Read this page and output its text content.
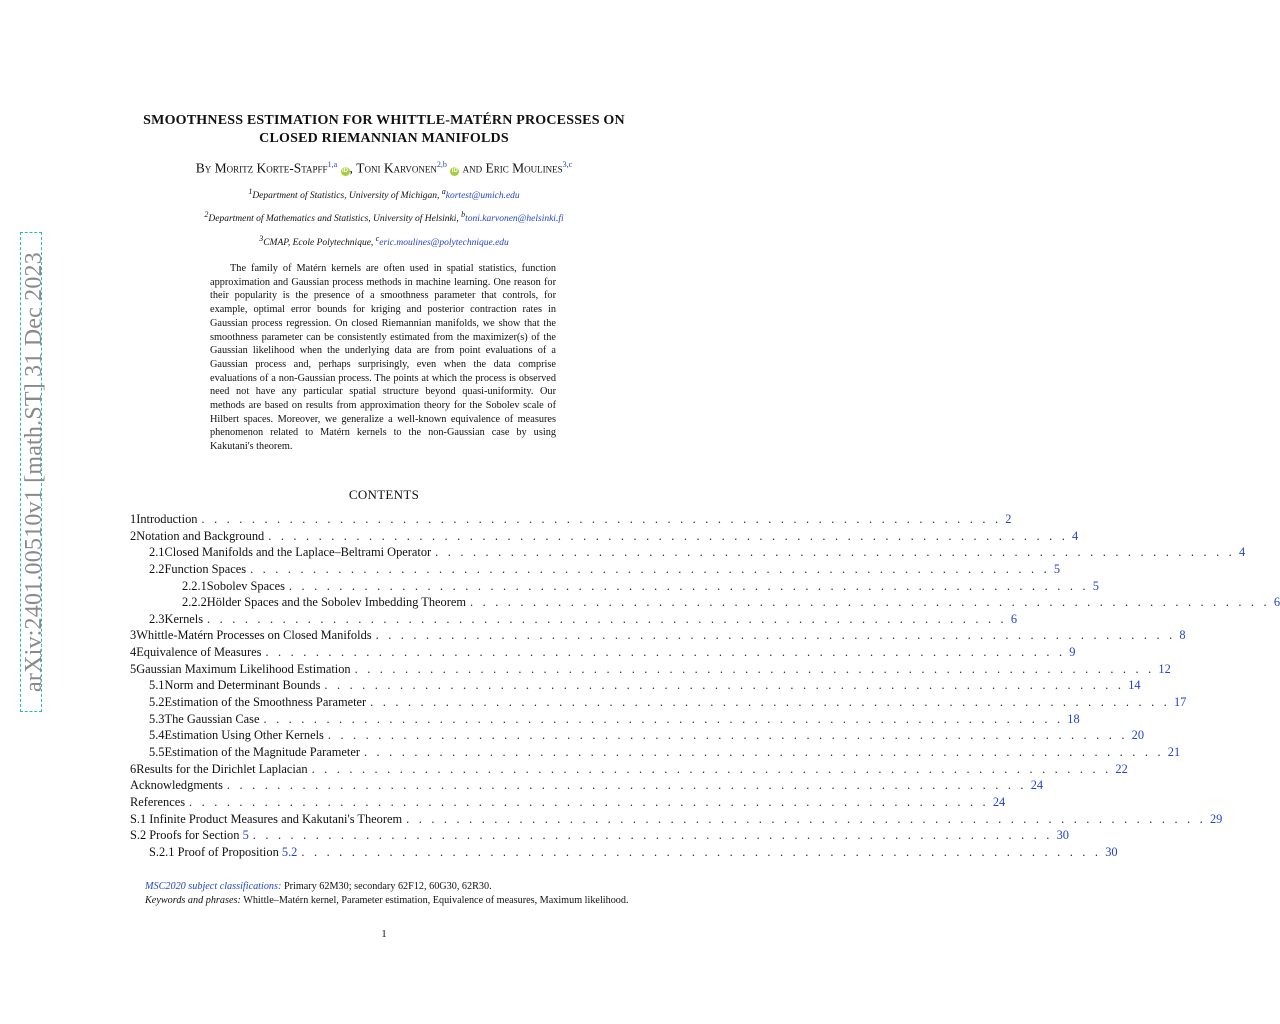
arXiv:2401.00510v1 [math.ST] 31 Dec 2023
SMOOTHNESS ESTIMATION FOR WHITTLE-MATÉRN PROCESSES ON
CLOSED RIEMANNIAN MANIFOLDS
By Moritz Korte-Stapff$^{1,a}$ iD , Toni Karvonen$^{2,b}$ iD and Eric Moulines$^{3,c}$
$^1$Department of Statistics, University of Michigan, $^a$kortest@umich.edu
$^2$Department of Mathematics and Statistics, University of Helsinki, $^b$toni.karvonen@helsinki.fi
$^3$CMAP, Ecole Polytechnique, $^c$eric.moulines@polytechnique.edu
The family of Matérn kernels are often used in spatial statistics, function approximation and Gaussian process methods in machine learning. One reason for their popularity is the presence of a smoothness parameter that controls, for example, optimal error bounds for kriging and posterior contraction rates in Gaussian process regression. On closed Riemannian manifolds, we show that the smoothness parameter can be consistently estimated from the maximizer(s) of the Gaussian likelihood when the underlying data are from point evaluations of a Gaussian process and, perhaps surprisingly, even when the data comprise evaluations of a non-Gaussian process. The points at which the process is observed need not have any particular spatial structure beyond quasi-uniformity. Our methods are based on results from approximation theory for the Sobolev scale of Hilbert spaces. Moreover, we generalize a well-known equivalence of measures phenomenon related to Matérn kernels to the non-Gaussian case by using Kakutani's theorem.
CONTENTS
1 Introduction . . . . . . . . . . . . . . . . . . . . . . . . . . . . . . . . . . . . . . . . . . . . . . . . . . . . . . . . . . . . . . . . 2
2 Notation and Background . . . . . . . . . . . . . . . . . . . . . . . . . . . . . . . . . . . . . . . . . . . . . . . . . . . . . . . . . . . . . . . . 4
2.1 Closed Manifolds and the Laplace–Beltrami Operator . . . . . . . . . . . . . . . . . . . . . . . . . . . . . . . . . . . . . . . . . . . . . . . . . . . . . . . . . . . . . . . . 4
2.2 Function Spaces . . . . . . . . . . . . . . . . . . . . . . . . . . . . . . . . . . . . . . . . . . . . . . . . . . . . . . . . . . . . . . . . 5
2.2.1 Sobolev Spaces . . . . . . . . . . . . . . . . . . . . . . . . . . . . . . . . . . . . . . . . . . . . . . . . . . . . . . . . . . . . . . . . 5
2.2.2 Hölder Spaces and the Sobolev Imbedding Theorem . . . . . . . . . . . . . . . . . . . . . . . . . . . . . . . . . . . . . . . . . . . . . . . . . . . . . . . . . . . . . . . . 6
2.3 Kernels . . . . . . . . . . . . . . . . . . . . . . . . . . . . . . . . . . . . . . . . . . . . . . . . . . . . . . . . . . . . . . . . 6
3 Whittle-Matérn Processes on Closed Manifolds . . . . . . . . . . . . . . . . . . . . . . . . . . . . . . . . . . . . . . . . . . . . . . . . . . . . . . . . . . . . . . . . 8
4 Equivalence of Measures . . . . . . . . . . . . . . . . . . . . . . . . . . . . . . . . . . . . . . . . . . . . . . . . . . . . . . . . . . . . . . . . 9
5 Gaussian Maximum Likelihood Estimation . . . . . . . . . . . . . . . . . . . . . . . . . . . . . . . . . . . . . . . . . . . . . . . . . . . . . . . . . . . . . . . . 12
5.1 Norm and Determinant Bounds . . . . . . . . . . . . . . . . . . . . . . . . . . . . . . . . . . . . . . . . . . . . . . . . . . . . . . . . . . . . . . . . 14
5.2 Estimation of the Smoothness Parameter . . . . . . . . . . . . . . . . . . . . . . . . . . . . . . . . . . . . . . . . . . . . . . . . . . . . . . . . . . . . . . . . 17
5.3 The Gaussian Case . . . . . . . . . . . . . . . . . . . . . . . . . . . . . . . . . . . . . . . . . . . . . . . . . . . . . . . . . . . . . . . . 18
5.4 Estimation Using Other Kernels . . . . . . . . . . . . . . . . . . . . . . . . . . . . . . . . . . . . . . . . . . . . . . . . . . . . . . . . . . . . . . . . 20
5.5 Estimation of the Magnitude Parameter . . . . . . . . . . . . . . . . . . . . . . . . . . . . . . . . . . . . . . . . . . . . . . . . . . . . . . . . . . . . . . . . 21
6 Results for the Dirichlet Laplacian . . . . . . . . . . . . . . . . . . . . . . . . . . . . . . . . . . . . . . . . . . . . . . . . . . . . . . . . . . . . . . . . 22
Acknowledgments . . . . . . . . . . . . . . . . . . . . . . . . . . . . . . . . . . . . . . . . . . . . . . . . . . . . . . . . . . . . . . . . 24
References . . . . . . . . . . . . . . . . . . . . . . . . . . . . . . . . . . . . . . . . . . . . . . . . . . . . . . . . . . . . . . . . 24
S.1 Infinite Product Measures and Kakutani's Theorem . . . . . . . . . . . . . . . . . . . . . . . . . . . . . . . . . . . . . . . . . . . . . . . . . . . . . . . . . . . . . . . . 29
S.2 Proofs for Section
5 . . . . . . . . . . . . . . . . . . . . . . . . . . . . . . . . . . . . . . . . . . . . . . . . . . . . . . . . . . . . . . . . 30
S.2.1 Proof of Proposition
5.2 . . . . . . . . . . . . . . . . . . . . . . . . . . . . . . . . . . . . . . . . . . . . . . . . . . . . . . . . . . . . . . . . 30
MSC2020 subject classifications: Primary 62M30; secondary 62F12, 60G30, 62R30.
Keywords and phrases: Whittle–Matérn kernel, Parameter estimation, Equivalence of measures, Maximum likelihood.
1
